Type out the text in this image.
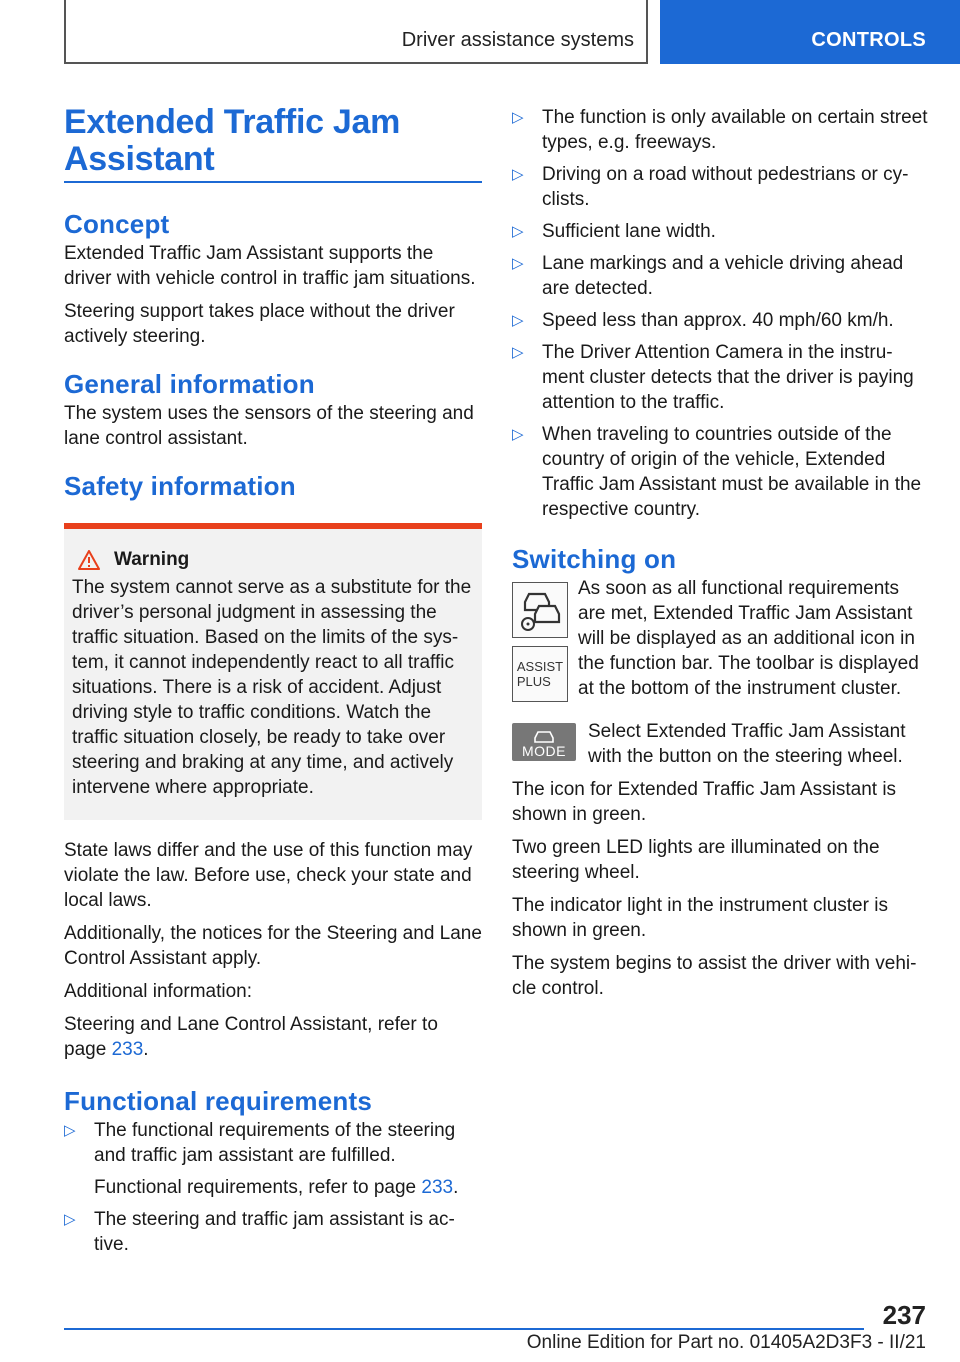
Driver assistance systems	CONTROLS
Extended Traffic Jam Assistant
Concept

Extended Traffic Jam Assistant supports the driver with vehicle control in traffic jam situations.

Steering support takes place without the driver actively steering.

General information

The system uses the sensors of the steering and lane control assistant.

Safety information
Warning

The system cannot serve as a substitute for the driver’s personal judgment in assessing the traffic situation. Based on the limits of the sys-tem, it cannot independently react to all traffic situations. There is a risk of accident. Adjust driving style to traffic conditions. Watch the traffic situation closely, be ready to take over steering and braking at any time, and actively intervene where appropriate.

State laws differ and the use of this function may violate the law. Before use, check your state and local laws.

Additionally, the notices for the Steering and Lane Control Assistant apply.

Additional information:

Steering and Lane Control Assistant, refer to page 233.

Functional requirements
▷ The functional requirements of the steering and traffic jam assistant are fulfilled.
Functional requirements, refer to page 233.
▷ The steering and traffic jam assistant is ac-tive.
▷ The function is only available on certain street types, e.g. freeways.
▷ Driving on a road without pedestrians or cy-clists.
▷ Sufficient lane width.
▷ Lane markings and a vehicle driving ahead are detected.
▷ Speed less than approx. 40 mph/60 km/h.
▷ The Driver Attention Camera in the instru-ment cluster detects that the driver is paying attention to the traffic.
▷ When traveling to countries outside of the country of origin of the vehicle, Extended Traffic Jam Assistant must be available in the respective country.
Switching on
ASSIST
PLUS

As soon as all functional requirements are met, Extended Traffic Jam Assistant will be displayed as an additional icon in the function bar. The toolbar is displayed at the bottom of the instrument cluster.

MODE

Select Extended Traffic Jam Assistant with the button on the steering wheel.

The icon for Extended Traffic Jam Assistant is shown in green.

Two green LED lights are illuminated on the steering wheel.

The indicator light in the instrument cluster is shown in green.

The system begins to assist the driver with vehi-cle control.

237
Online Edition for Part no. 01405A2D3F3 - II/21
